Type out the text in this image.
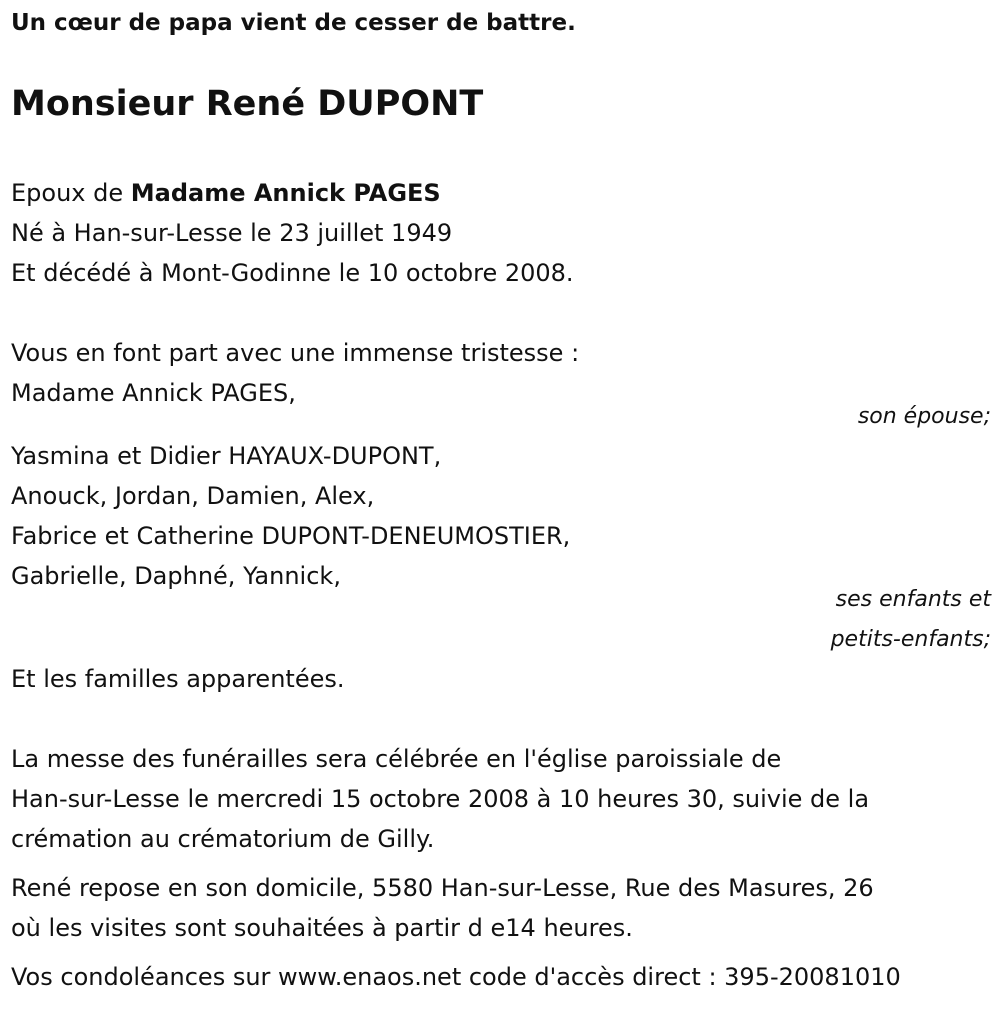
Un cœur de papa vient de cesser de battre.
Monsieur René DUPONT
Epoux de Madame Annick PAGES
Né à Han-sur-Lesse le 23 juillet 1949
Et décédé à Mont-Godinne le 10 octobre 2008.
Vous en font part avec une immense tristesse :
Madame Annick PAGES,
son épouse;
Yasmina et Didier HAYAUX-DUPONT,
Anouck, Jordan, Damien, Alex,
Fabrice et Catherine DUPONT-DENEUMOSTIER,
Gabrielle, Daphné, Yannick,
ses enfants et
petits-enfants;
Et les familles apparentées.
La messe des funérailles sera célébrée en l'église paroissiale de
Han-sur-Lesse le mercredi 15 octobre 2008 à 10 heures 30, suivie de la
crémation au crématorium de Gilly.
René repose en son domicile, 5580 Han-sur-Lesse, Rue des Masures, 26
où les visites sont souhaitées à partir d e14 heures.
Vos condoléances sur www.enaos.net code d'accès direct : 395-20081010
